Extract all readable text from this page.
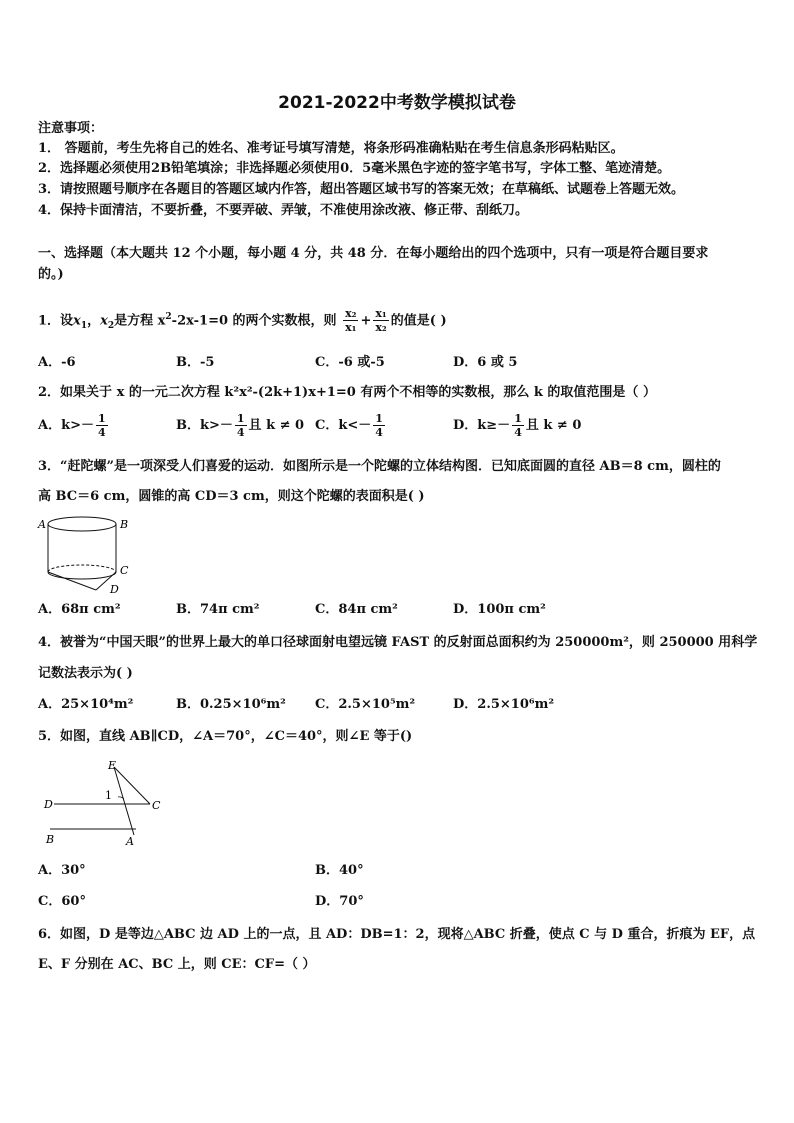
2021-2022中考数学模拟试卷
注意事项：
1． 答题前，考生先将自己的姓名、准考证号填写清楚，将条形码准确粘贴在考生信息条形码粘贴区。
2．选择题必须使用2B铅笔填涂；非选择题必须使用0．5毫米黑色字迹的签字笔书写，字体工整、笔迹清楚。
3．请按照题号顺序在各题目的答题区域内作答，超出答题区域书写的答案无效；在草稿纸、试题卷上答题无效。
4．保持卡面清洁，不要折叠，不要弄破、弄皱，不准使用涂改液、修正带、刮纸刀。
一、选择题（本大题共 12 个小题，每小题 4 分，共 48 分．在每小题给出的四个选项中，只有一项是符合题目要求
的。)
1．设$x_1$，$x_2$是方程 $x^2-2x-1=0$ 的两个实数根，则 $\frac{\text{x₂}}{\text{x₁}} + \frac{\text{x₁}}{\text{x₂}}$ 的值是( )
A．-6	B．-5	C．-6 或-5	D．6 或 5
2．如果关于 x 的一元二次方程 k²x²-(2k+1)x+1=0 有两个不相等的实数根，那么 k 的取值范围是（ ）
A．$k>- \frac{1}{4}$	B．$k>- \frac{1}{4}$ 且 k ≠ 0 C．$k<- \frac{1}{4}$	D．$k\ge- \frac{1}{4}$ 且 k ≠ 0
3．“赶陀螺”是一项深受人们喜爱的运动．如图所示是一个陀螺的立体结构图．已知底面圆的直径 AB＝8 cm，圆柱的
高 BC＝6 cm，圆锥的高 CD＝3 cm，则这个陀螺的表面积是( )
A	B
C
D
A．68π cm²	B．74π cm²	C．84π cm²	D．100π cm²
4．被誉为“中国天眼”的世界上最大的单口径球面射电望远镜 FAST 的反射面总面积约为 250000m²，则 250000 用科学
记数法表示为( )
A．25×10⁴m²	B．0.25×10⁶m² C．2.5×10⁵m²	D．2.5×10⁶m²
5．如图，直线 AB∥CD，∠A＝70°，∠C＝40°，则∠E 等于()
E
1
D	C
B	A
A．30°	B．40°
C．60°	D．70°
6．如图，D 是等边△ABC 边 AD 上的一点，且 AD：DB=1：2，现将△ABC 折叠，使点 C 与 D 重合，折痕为 EF，点
E、F 分别在 AC、BC 上，则 CE：CF=（ ）
